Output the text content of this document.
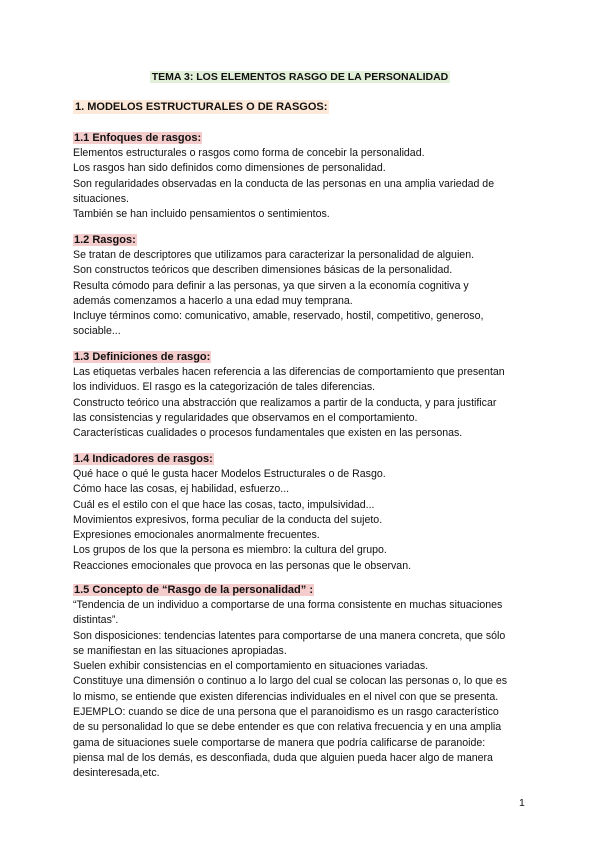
TEMA 3: LOS ELEMENTOS RASGO DE LA PERSONALIDAD
1. MODELOS ESTRUCTURALES O DE RASGOS:
1.1 Enfoques de rasgos:
Elementos estructurales o rasgos como forma de concebir la personalidad.
Los rasgos han sido definidos como dimensiones de personalidad.
Son regularidades observadas en la conducta de las personas en una amplia variedad de
situaciones.
También se han incluido pensamientos o sentimientos.
1.2 Rasgos:
Se tratan de descriptores que utilizamos para caracterizar la personalidad de alguien.
Son constructos teóricos que describen dimensiones básicas de la personalidad.
Resulta cómodo para definir a las personas, ya que sirven a la economía cognitiva y
además comenzamos a hacerlo a una edad muy temprana.
Incluye términos como: comunicativo, amable, reservado, hostil, competitivo, generoso,
sociable...
1.3 Definiciones de rasgo:
Las etiquetas verbales hacen referencia a las diferencias de comportamiento que presentan
los individuos. El rasgo es la categorización de tales diferencias.
Constructo teórico una abstracción que realizamos a partir de la conducta, y para justificar
las consistencias y regularidades que observamos en el comportamiento.
Características cualidades o procesos fundamentales que existen en las personas.
1.4 Indicadores de rasgos:
Qué hace o qué le gusta hacer Modelos Estructurales o de Rasgo.
Cómo hace las cosas, ej habilidad, esfuerzo...
Cuál es el estilo con el que hace las cosas, tacto, impulsividad...
Movimientos expresivos, forma peculiar de la conducta del sujeto.
Expresiones emocionales anormalmente frecuentes.
Los grupos de los que la persona es miembro: la cultura del grupo.
Reacciones emocionales que provoca en las personas que le observan.
1.5 Concepto de “Rasgo de la personalidad” :
“Tendencia de un individuo a comportarse de una forma consistente en muchas situaciones
distintas”.
Son disposiciones: tendencias latentes para comportarse de una manera concreta, que sólo
se manifiestan en las situaciones apropiadas.
Suelen exhibir consistencias en el comportamiento en situaciones variadas.
Constituye una dimensión o continuo a lo largo del cual se colocan las personas o, lo que es
lo mismo, se entiende que existen diferencias individuales en el nivel con que se presenta.
EJEMPLO: cuando se dice de una persona que el paranoidismo es un rasgo característico
de su personalidad lo que se debe entender es que con relativa frecuencia y en una amplia
gama de situaciones suele comportarse de manera que podría calificarse de paranoide:
piensa mal de los demás, es desconfiada, duda que alguien pueda hacer algo de manera
desinteresada,etc.
1
